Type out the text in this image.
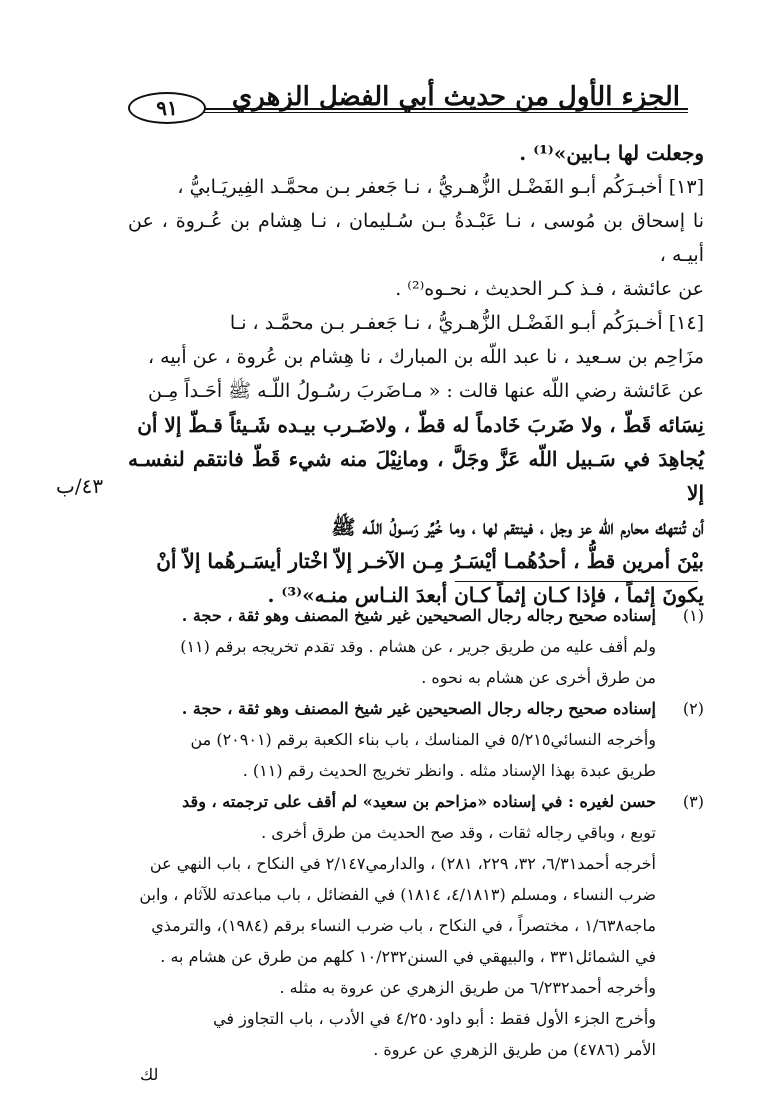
الجزء الأول من حديث أبي الفضل الزهري
٩١

وجعلت لها بـابين»⁽¹⁾ .

[١٣] أخبـرَكُم أبـو الفَضْـل الزُّهـريُّ ، نـا جَعفر بـن محمَّـد الفِيريَـابيُّ ،

نا إسحاق بن مُوسى ، نـا عَبْـدةُ بـن سُـليمان ، نـا هِشام بن عُـروة ، عن أبيـه ،

عن عائشة ، فـذ كـر الحديث ، نحـوه⁽²⁾ .

[١٤] أخـبرَكُم أبـو الفَضْـل الزُّهـريُّ ، نـا جَعفـر بـن محمَّـد ، نـا

مزَاحِم بن سـعيد ، نا عبد اللّه بن المبارك ، نا هِشام بن عُروة ، عن أبيه ،

عن عَائشة رضي اللّه عنها قالت : « مـاضَربَ رسُـولُ اللّـه ﷺ أحَـداً مِـن

نِسَائه قَطّ ، ولا ضَربَ خَادماً له قطّ ، ولاضَـرب بيـده شَـيئاً قـطّ إلا أن

يُجاهِدَ في سَـبيل اللّه عَزَّ وجَلَّ ، ومانِيْلَ منه شيء قَطّ فانتقم لنفسـه إلا

أن تُنتهك محارم اللّه عز وجل ، فينتقم لها ، وما خُيِّر رَسـولُ اللّـه ﷺ

بيْنَ أمرين قطُّ ، أحدُهُمـا أيْسَـرُ مِـن الآخـر إلاّ اخْتار أيسَـرهُما إلاّ أنْ

يكونَ إثماً ، فإذا كـان إثماً كـان أبعدَ النـاس منـه»⁽³⁾ .

٤٣/ب
(١)
إسناده صحيح رجاله رجال الصحيحين غير شيخ المصنف وهو ثقة ، حجة .
ولم أقف عليه من طريق جرير ، عن هشام . وقد تقدم تخريجه برقم (١١)
من طرق أخرى عن هشام به نحوه .
(٢)
إسناده صحيح رجاله رجال الصحيحين غير شيخ المصنف وهو ثقة ، حجة .
وأخرجه النسائي٥/٢١٥ في المناسك ، باب بناء الكعبة برقم (٢٠٩٠١) من
طريق عبدة بهذا الإسناد مثله . وانظر تخريج الحديث رقم (١١) .
(٣)
حسن لغيره : في إسناده «مزاحم بن سعيد» لم أقف على ترجمته ، وقد
توبع ، وباقي رجاله ثقات ، وقد صح الحديث من طرق أخرى .
أخرجه أحمد٦/٣١، ٣٢، ٢٢٩، ٢٨١) ، والدارمي٢/١٤٧ في النكاح ، باب النهي عن
ضرب النساء ، ومسلم (٤/١٨١٣، ١٨١٤) في الفضائل ، باب مباعدته للآثام ، وابن
ماجه١/٦٣٨ ، مختصراً ، في النكاح ، باب ضرب النساء برقم (١٩٨٤)، والترمذي
في الشمائل٣٣١ ، والبيهقي في السنن١٠/٢٣٢ كلهم من طرق عن هشام به .
وأخرجه أحمد٦/٢٣٢ من طريق الزهري عن عروة به مثله .
وأخرج الجزء الأول فقط : أبو داود٤/٢٥٠ في الأدب ، باب التجاوز في
الأمر (٤٧٨٦) من طريق الزهري عن عروة .
لك
